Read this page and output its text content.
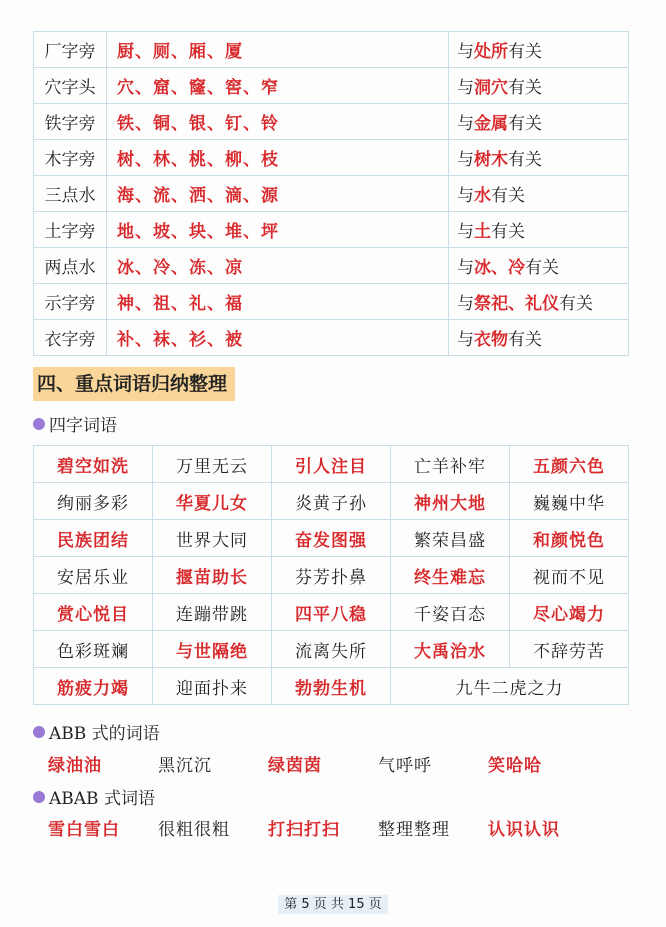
厂字旁	厨、厕、厢、厦	与处所有关
穴字头	穴、窟、窿、窖、窄	与洞穴有关
铁字旁	铁、铜、银、钉、铃	与金属有关
木字旁	树、林、桃、柳、枝	与树木有关
三点水	海、流、洒、滴、源	与水有关
土字旁	地、坡、块、堆、坪	与土有关
两点水	冰、冷、冻、凉	与冰、冷有关
示字旁	神、祖、礼、福	与祭祀、礼仪有关
衣字旁	补、袜、衫、被	与衣物有关
四、重点词语归纳整理
四字词语
碧空如洗	万里无云	引人注目	亡羊补牢	五颜六色
绚丽多彩	华夏儿女	炎黄子孙	神州大地	巍巍中华
民族团结	世界大同	奋发图强	繁荣昌盛	和颜悦色
安居乐业	揠苗助长	芬芳扑鼻	终生难忘	视而不见
赏心悦目	连蹦带跳	四平八稳	千姿百态	尽心竭力
色彩斑斓	与世隔绝	流离失所	大禹治水	不辞劳苦
筋疲力竭	迎面扑来	勃勃生机	九牛二虎之力	
ABB 式的词语
绿油油	黑沉沉	绿茵茵	气呼呼	笑哈哈
ABAB 式词语
雪白雪白	很粗很粗	打扫打扫	整理整理	认识认识
第 5 页 共 15 页
